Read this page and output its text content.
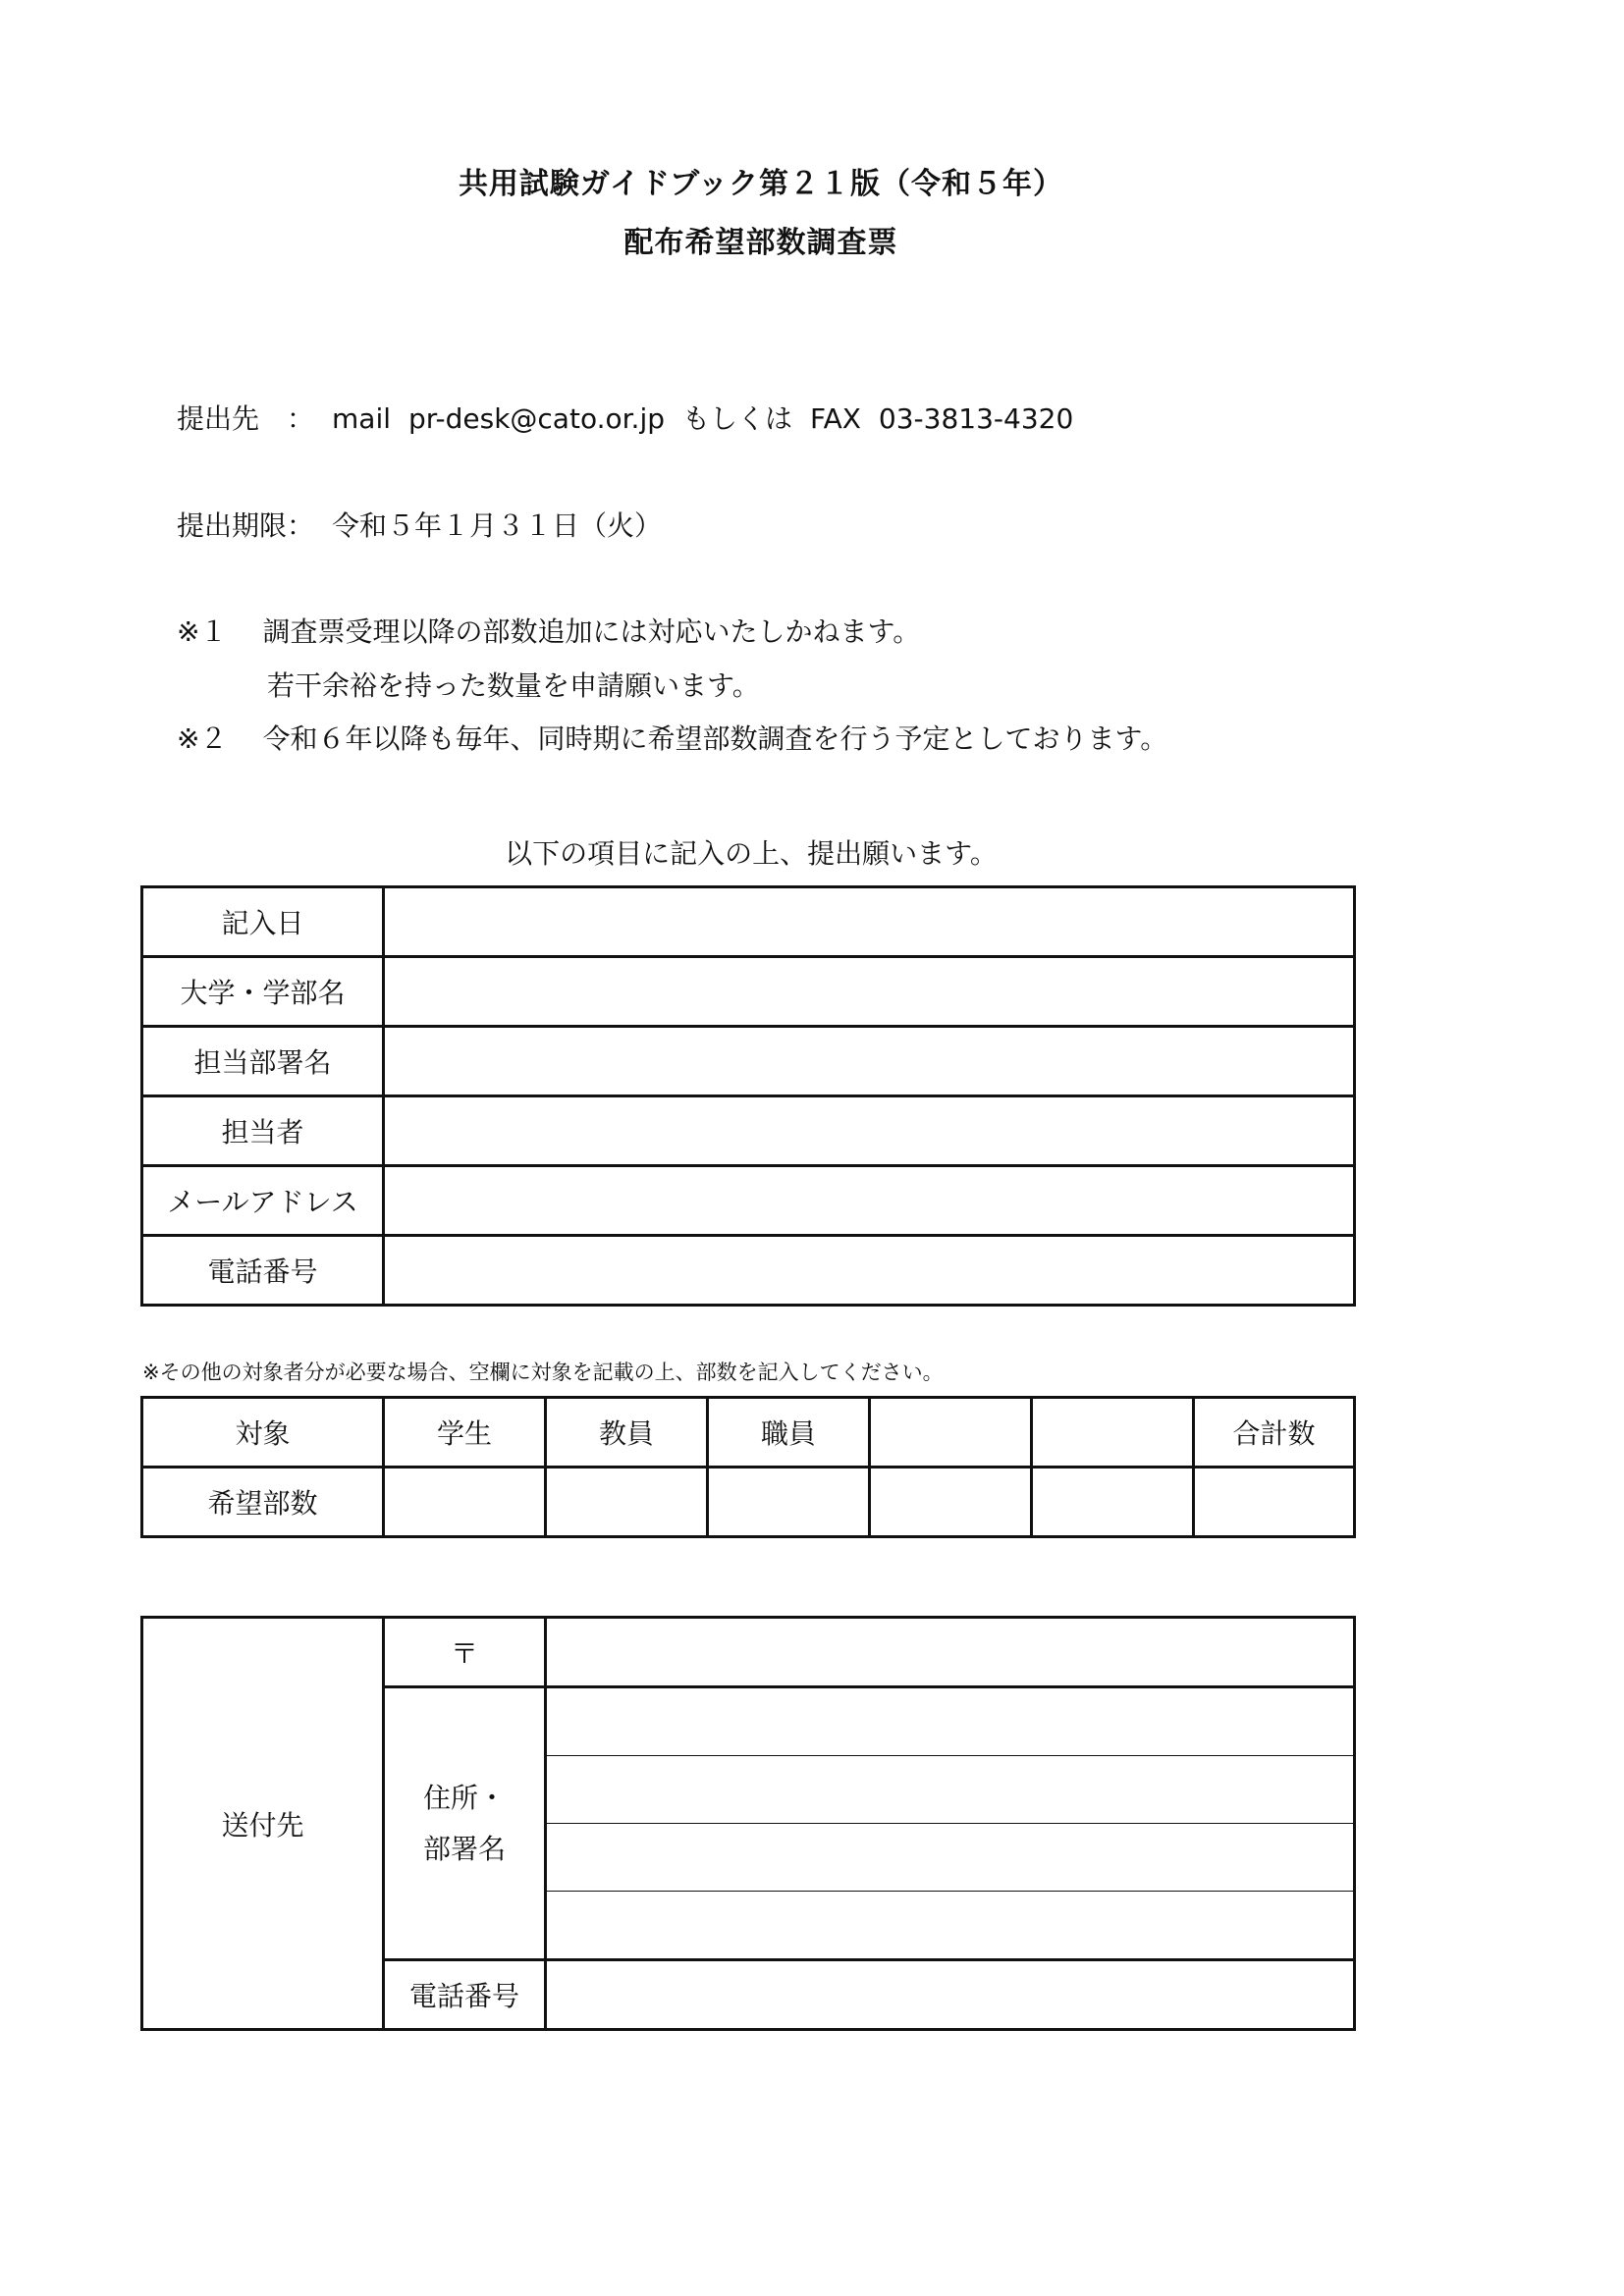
共用試験ガイドブック第２１版（令和５年）
配布希望部数調査票
提出先　： mail pr-desk@cato.or.jp もしくは FAX 03-3813-4320
提出期限： 令和５年１月３１日（火）
※１ 調査票受理以降の部数追加には対応いたしかねます。
若干余裕を持った数量を申請願います。
※２ 令和６年以降も毎年、同時期に希望部数調査を行う予定としております。
以下の項目に記入の上、提出願います。
記入日	
大学・学部名	
担当部署名	
担当者	
メールアドレス	
電話番号	
※その他の対象者分が必要な場合、空欄に対象を記載の上、部数を記入してください。
対象	学生	教員	職員			合計数
希望部数						
送付先	〒	
	住所・
部署名	

	電話番号	
